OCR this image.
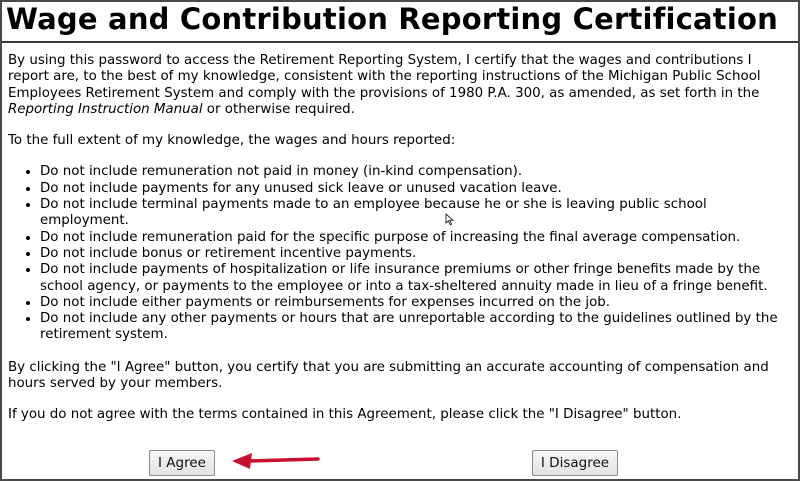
Wage and Contribution Reporting Certification

By using this password to access the Retirement Reporting System, I certify that the wages and contributions I report are, to the best of my knowledge, consistent with the reporting instructions of the Michigan Public School Employees Retirement System and comply with the provisions of 1980 P.A. 300, as amended, as set forth in the Reporting Instruction Manual or otherwise required.

To the full extent of my knowledge, the wages and hours reported:

• Do not include remuneration not paid in money (in-kind compensation).
• Do not include payments for any unused sick leave or unused vacation leave.
• Do not include terminal payments made to an employee because he or she is leaving public school employment.
• Do not include remuneration paid for the specific purpose of increasing the final average compensation.
• Do not include bonus or retirement incentive payments.
• Do not include payments of hospitalization or life insurance premiums or other fringe benefits made by the school agency, or payments to the employee or into a tax-sheltered annuity made in lieu of a fringe benefit.
• Do not include either payments or reimbursements for expenses incurred on the job.
• Do not include any other payments or hours that are unreportable according to the guidelines outlined by the retirement system.

By clicking the "I Agree" button, you certify that you are submitting an accurate accounting of compensation and hours served by your members.

If you do not agree with the terms contained in this Agreement, please click the "I Disagree" button.

I Agree	I Disagree
